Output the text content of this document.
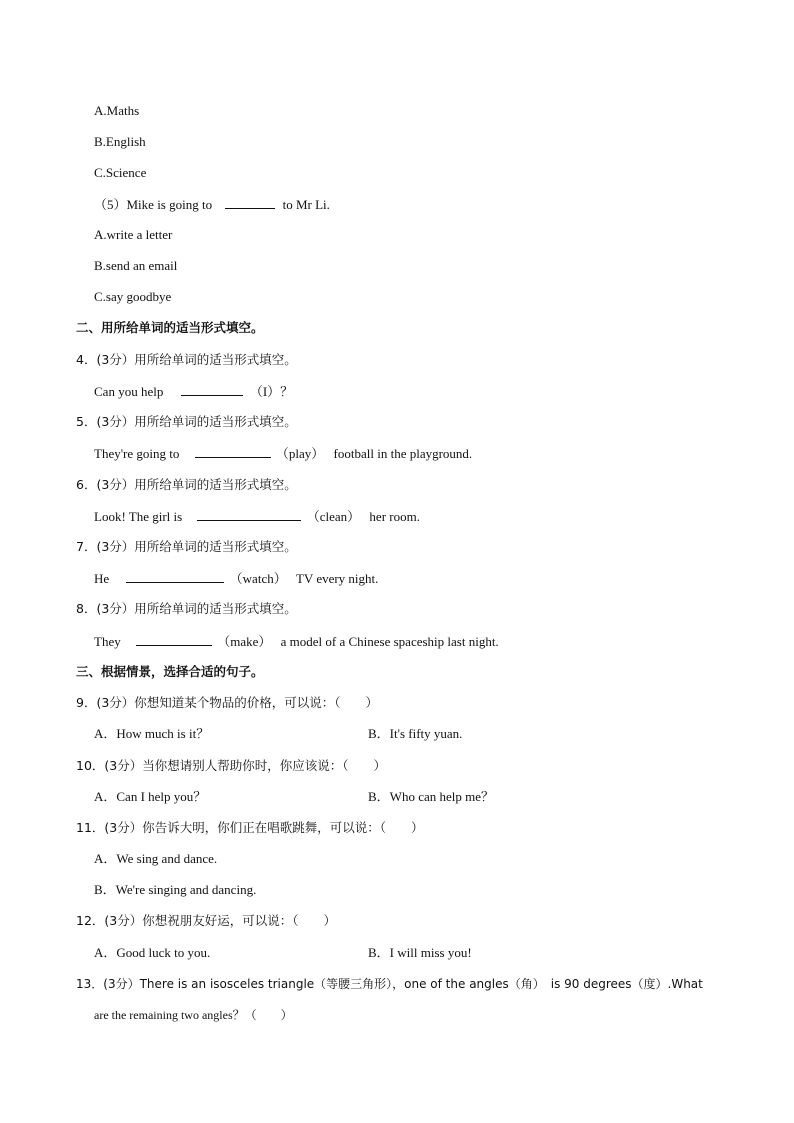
A.Maths
B.English
C.Science
（5）Mike is going to	to Mr Li.
A.write a letter
B.send an email
C.say goodbye
二、用所给单词的适当形式填空。
4．(3分）用所给单词的适当形式填空。
Can you help	（I）？
5．(3分）用所给单词的适当形式填空。
They're going to	（play） football in the playground.
6．(3分）用所给单词的适当形式填空。
Look! The girl is	（clean） her room.
7．(3分）用所给单词的适当形式填空。
He	（watch） TV every night.
8．(3分）用所给单词的适当形式填空。
They	（make） a model of a Chinese spaceship last night.
三、根据情景，选择合适的句子。
9．(3分）你想知道某个物品的价格，可以说：（　　）
A．How much is it？	B．It's fifty yuan.
10．(3分）当你想请别人帮助你时，你应该说：（　　）
A．Can I help you？	B．Who can help me？
11．(3分）你告诉大明，你们正在唱歌跳舞，可以说：（　　）
A．We sing and dance.
B．We're singing and dancing.
12．(3分）你想祝朋友好运，可以说：（　　）
A．Good luck to you.	B．I will miss you!
13．(3分）There is an isosceles triangle（等腰三角形），one of the angles（角）　is 90 degrees（度）.What
are the remaining two angles？（　　）
